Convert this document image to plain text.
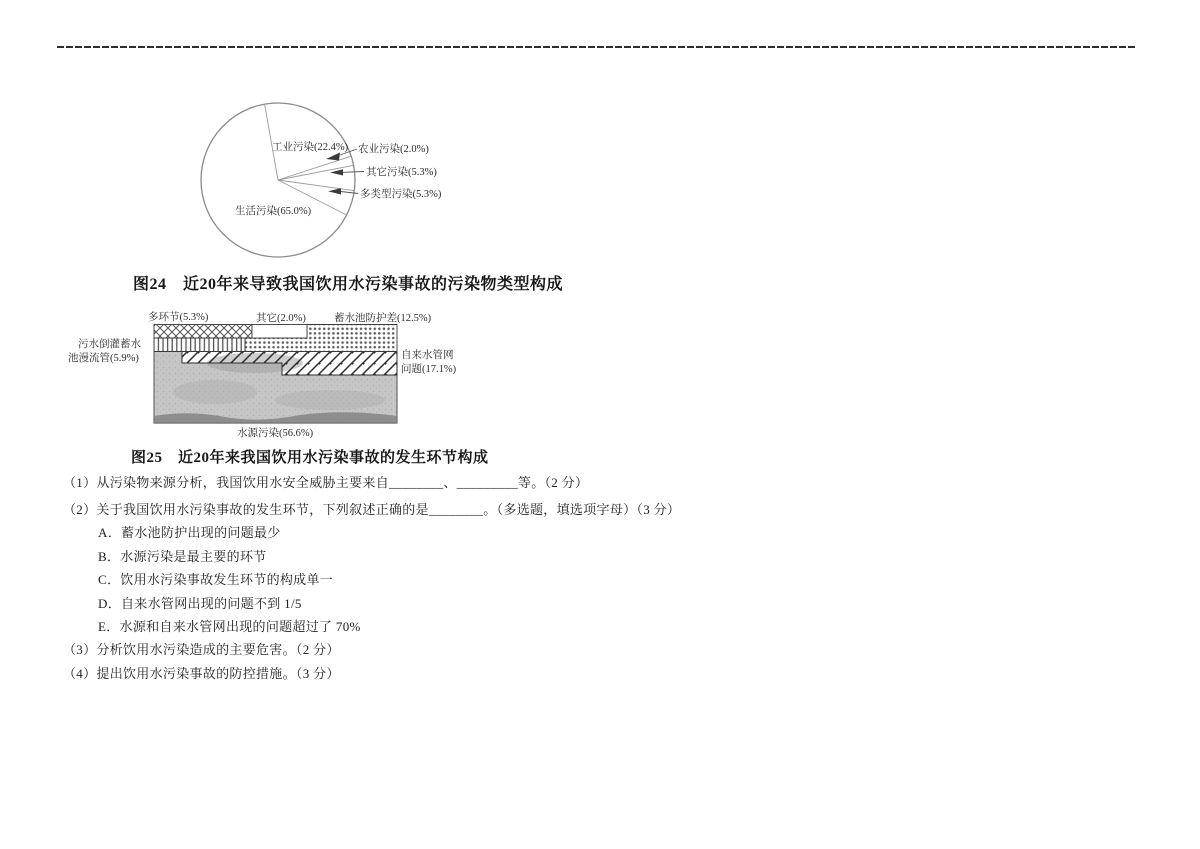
工业污染(22.4%) 农业污染(2.0%)
其它污染(5.3%)
多类型污染(5.3%)
生活污染(65.0%)
图24　近20年来导致我国饮用水污染事故的污染物类型构成
多环节(5.3%)	其它(2.0%)	蓄水池防护差(12.5%)
污水倒灌蓄水
池漫流管(5.9%)	自来水管网
问题(17.1%)
水源污染(56.6%)
图25　近20年来我国饮用水污染事故的发生环节构成
（1）从污染物来源分析，我国饮用水安全威胁主要来自________、_________等。（2 分）
（2）关于我国饮用水污染事故的发生环节，下列叙述正确的是________。（多选题，填选项字母）（3 分）
A．蓄水池防护出现的问题最少
B．水源污染是最主要的环节
C．饮用水污染事故发生环节的构成单一
D．自来水管网出现的问题不到 1/5
E．水源和自来水管网出现的问题超过了 70%
（3）分析饮用水污染造成的主要危害。（2 分）
（4）提出饮用水污染事故的防控措施。（3 分）
